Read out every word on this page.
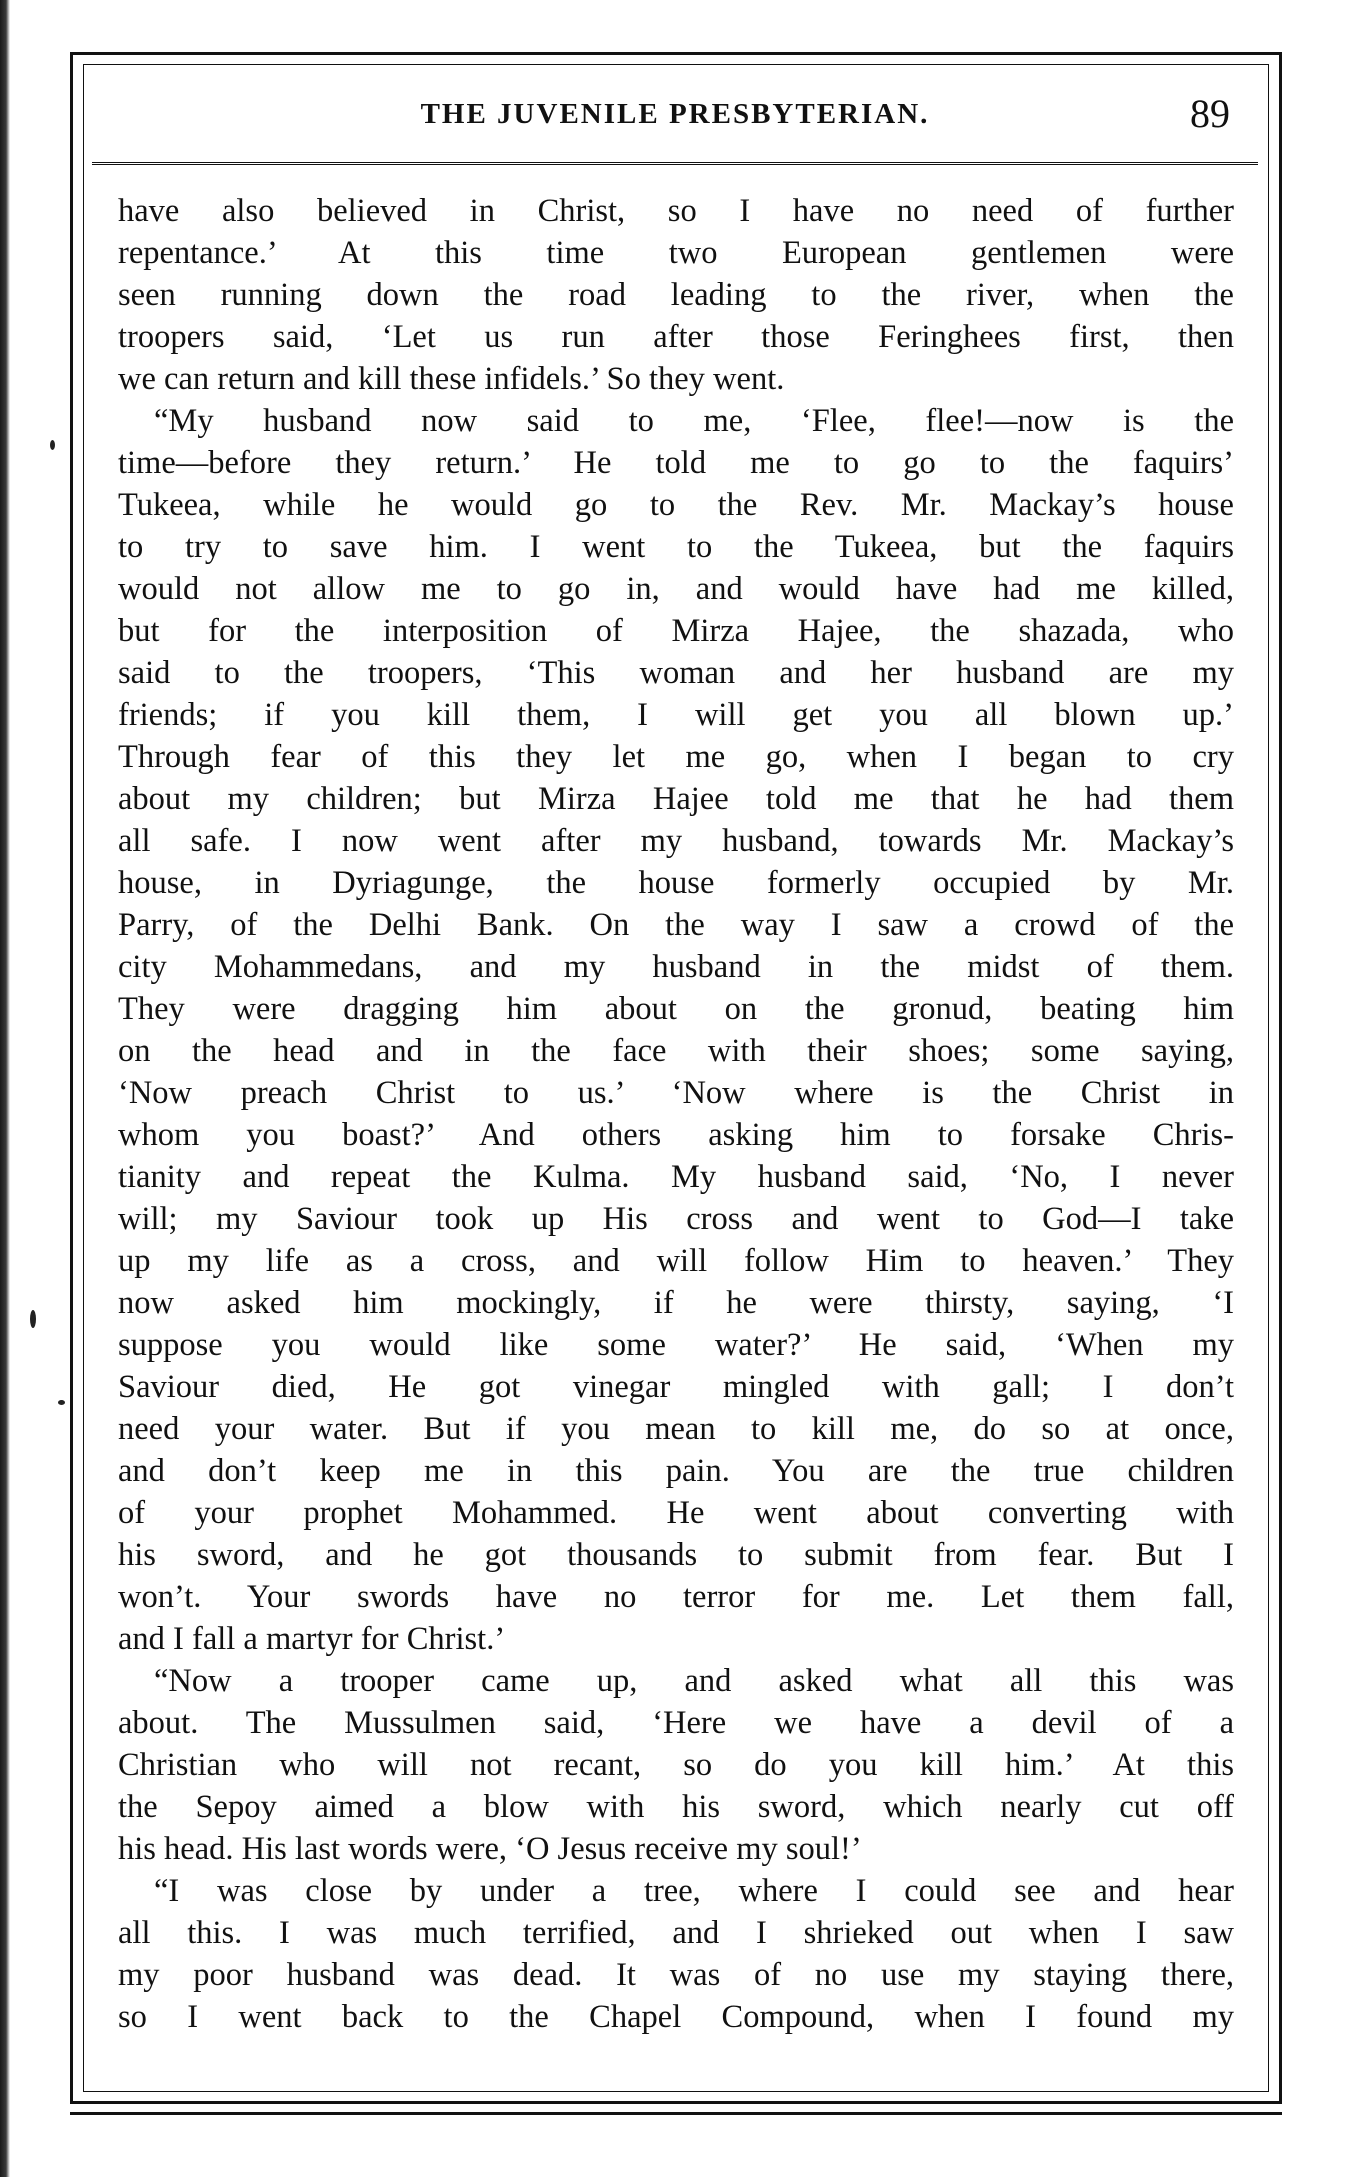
THE JUVENILE PRESBYTERIAN.	89

have also believed in Christ, so I have no need of further
repentance.’ At this time two European gentlemen were
seen running down the road leading to the river, when the
troopers said, ‘Let us run after those Feringhees first, then
we can return and kill these infidels.’ So they went.

“My husband now said to me, ‘Flee, flee!—now is the
time—before they return.’ He told me to go to the faquirs’
Tukeea, while he would go to the Rev. Mr. Mackay’s house
to try to save him. I went to the Tukeea, but the faquirs
would not allow me to go in, and would have had me killed,
but for the interposition of Mirza Hajee, the shazada, who
said to the troopers, ‘This woman and her husband are my
friends; if you kill them, I will get you all blown up.’
Through fear of this they let me go, when I began to cry
about my children; but Mirza Hajee told me that he had them
all safe. I now went after my husband, towards Mr. Mackay’s
house, in Dyriagunge, the house formerly occupied by Mr.
Parry, of the Delhi Bank. On the way I saw a crowd of the
city Mohammedans, and my husband in the midst of them.
They were dragging him about on the gronud, beating him
on the head and in the face with their shoes; some saying,
‘Now preach Christ to us.’ ‘Now where is the Christ in
whom you boast?’ And others asking him to forsake Chris-
tianity and repeat the Kulma. My husband said, ‘No, I never
will; my Saviour took up His cross and went to God—I take
up my life as a cross, and will follow Him to heaven.’ They
now asked him mockingly, if he were thirsty, saying, ‘I
suppose you would like some water?’ He said, ‘When my
Saviour died, He got vinegar mingled with gall; I don’t
need your water. But if you mean to kill me, do so at once,
and don’t keep me in this pain. You are the true children
of your prophet Mohammed. He went about converting with
his sword, and he got thousands to submit from fear. But I
won’t. Your swords have no terror for me. Let them fall,
and I fall a martyr for Christ.’

“Now a trooper came up, and asked what all this was
about. The Mussulmen said, ‘Here we have a devil of a
Christian who will not recant, so do you kill him.’ At this
the Sepoy aimed a blow with his sword, which nearly cut off
his head. His last words were, ‘O Jesus receive my soul!’

“I was close by under a tree, where I could see and hear
all this. I was much terrified, and I shrieked out when I saw
my poor husband was dead. It was of no use my staying there,
so I went back to the Chapel Compound, when I found my
